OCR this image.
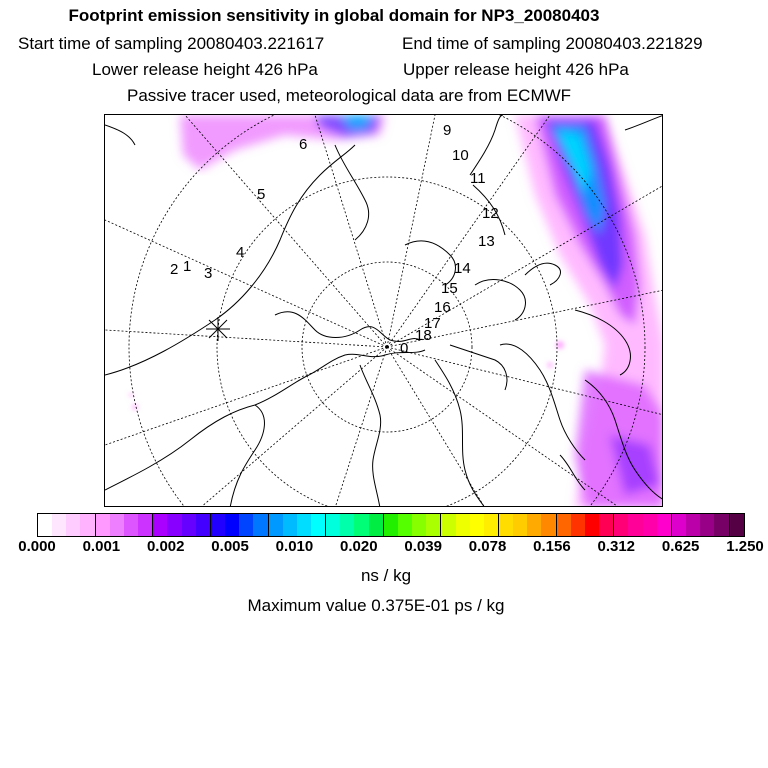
Footprint emission sensitivity in global domain for NP3_20080403
Start time of sampling 20080403.221617	End time of sampling 20080403.221829
Lower release height 426 hPa	Upper release height 426 hPa
Passive tracer used, meteorological data are from ECMWF
0
1
2 3
4
5
6
9
10
11
12
13
14
15
16
17
18
0.000 0.001 0.002 0.005 0.010 0.020 0.039 0.078 0.156 0.312 0.625 1.250
ns / kg
Maximum value 0.375E-01 ps / kg
